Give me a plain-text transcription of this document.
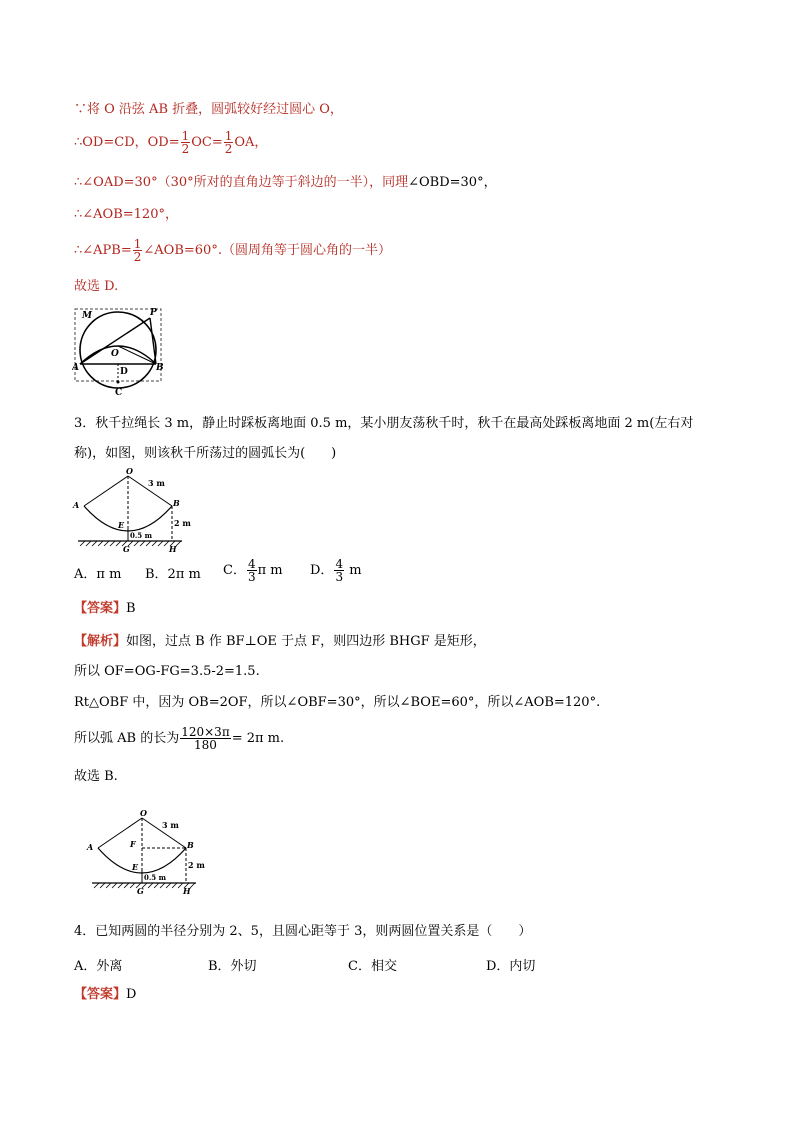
∵将 O 沿弦 AB 折叠，圆弧较好经过圆心 O，
∴OD=CD，$OD= \frac{1}{2} OC= \frac{1}{2}$ OA，
∴∠OAD=30°（30°所对的直角边等于斜边的一半），同理∠OBD=30°，
∴∠AOB=120°，
∴∠APB= $\frac{1}{2}$ ∠AOB=60°.（圆周角等于圆心角的一半）
故选 D.
M	P
O
A	B
D
C
3．秋千拉绳长 3 m，静止时踩板离地面 0.5 m，某小朋友荡秋千时，秋千在最高处踩板离地面 2 m(左右对
称)，如图，则该秋千所荡过的圆弧长为(　　)
O
3 m
A	B
E	2 m
0.5 m
G	H
A．π m B．2π m C． $\frac{4}{3}$ π m D． $\frac{4}{3}$ m
【答案】B
【解析】如图，过点 B 作 BF⊥OE 于点 F，则四边形 BHGF 是矩形，
所以 OF=OG-FG=3.5-2=1.5.
Rt△OBF 中，因为 OB=2OF，所以∠OBF=30°，所以∠BOE=60°，所以∠AOB=120°.
所以弧 AB 的长为 $\frac{120\times 3\pi}{180} = 2\pi$ m.
故选 B.
O
3 m
A	F	B
E	2 m
0.5 m
G	H
4．已知两圆的半径分别为 2、5，且圆心距等于 3，则两圆位置关系是（　　）
A．外离	B．外切	C．相交	D．内切
【答案】D
